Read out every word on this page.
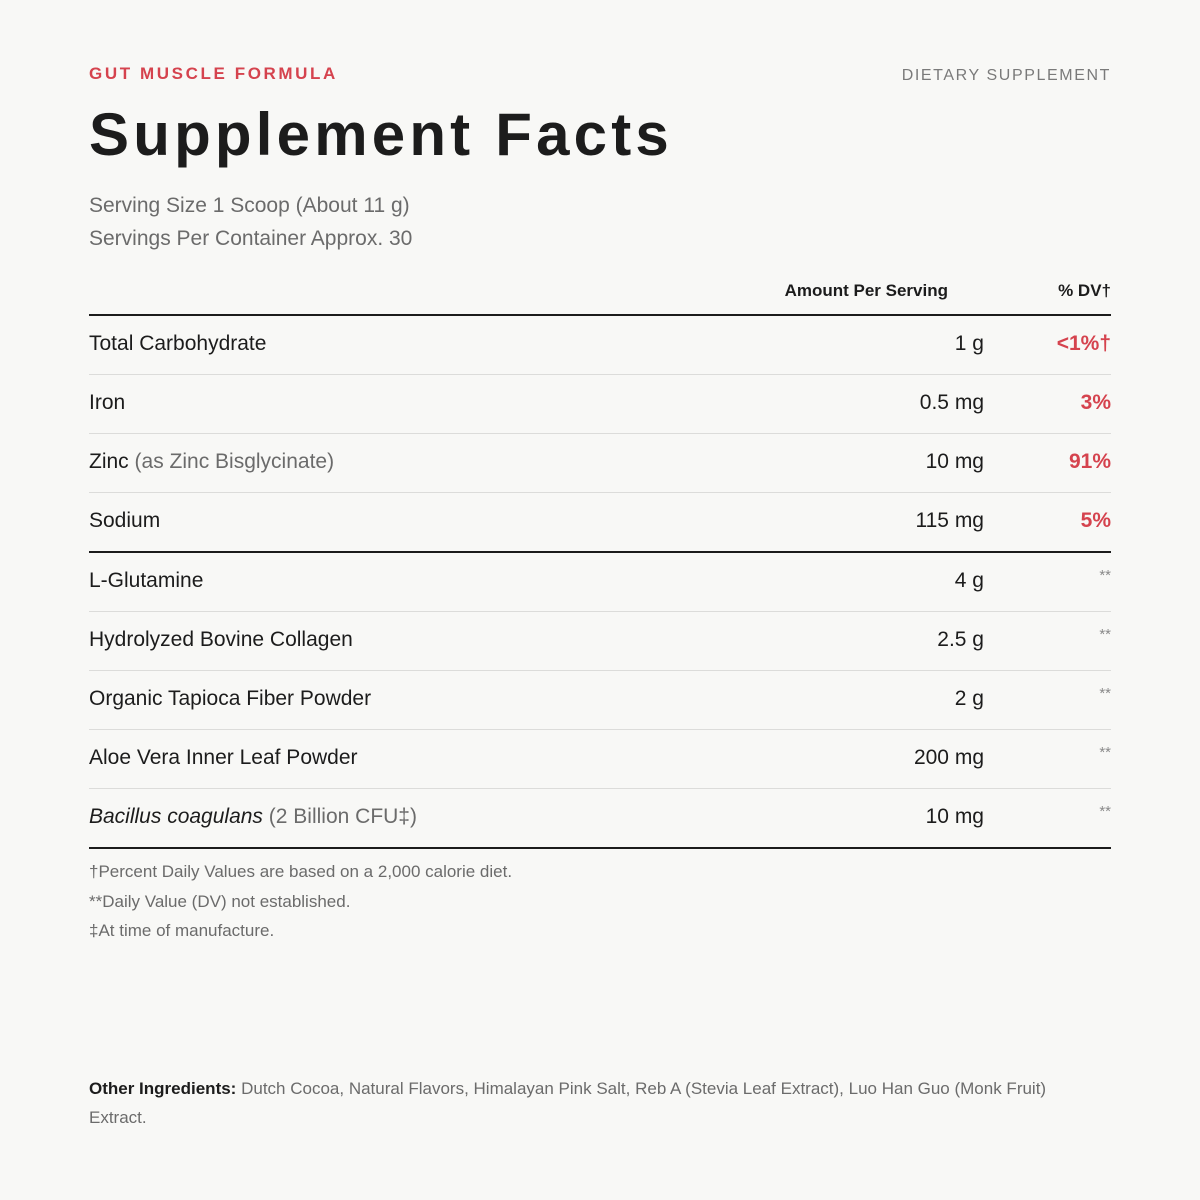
GUT MUSCLE FORMULA	DIETARY SUPPLEMENT
Supplement Facts
Serving Size 1 Scoop (About 11 g)
Servings Per Container Approx. 30
Amount Per Serving	% DV†
Total Carbohydrate	1 g	<1%†
Iron	0.5 mg	3%
Zinc (as Zinc Bisglycinate)	10 mg	91%
Sodium	115 mg	5%
L-Glutamine	4 g	**
Hydrolyzed Bovine Collagen	2.5 g	**
Organic Tapioca Fiber Powder	2 g	**
Aloe Vera Inner Leaf Powder	200 mg	**
Bacillus coagulans (2 Billion CFU‡)	10 mg	**
†Percent Daily Values are based on a 2,000 calorie diet.
**Daily Value (DV) not established.
‡At time of manufacture.
Other Ingredients: Dutch Cocoa, Natural Flavors, Himalayan Pink Salt, Reb A (Stevia Leaf Extract), Luo Han Guo (Monk Fruit) Extract.
